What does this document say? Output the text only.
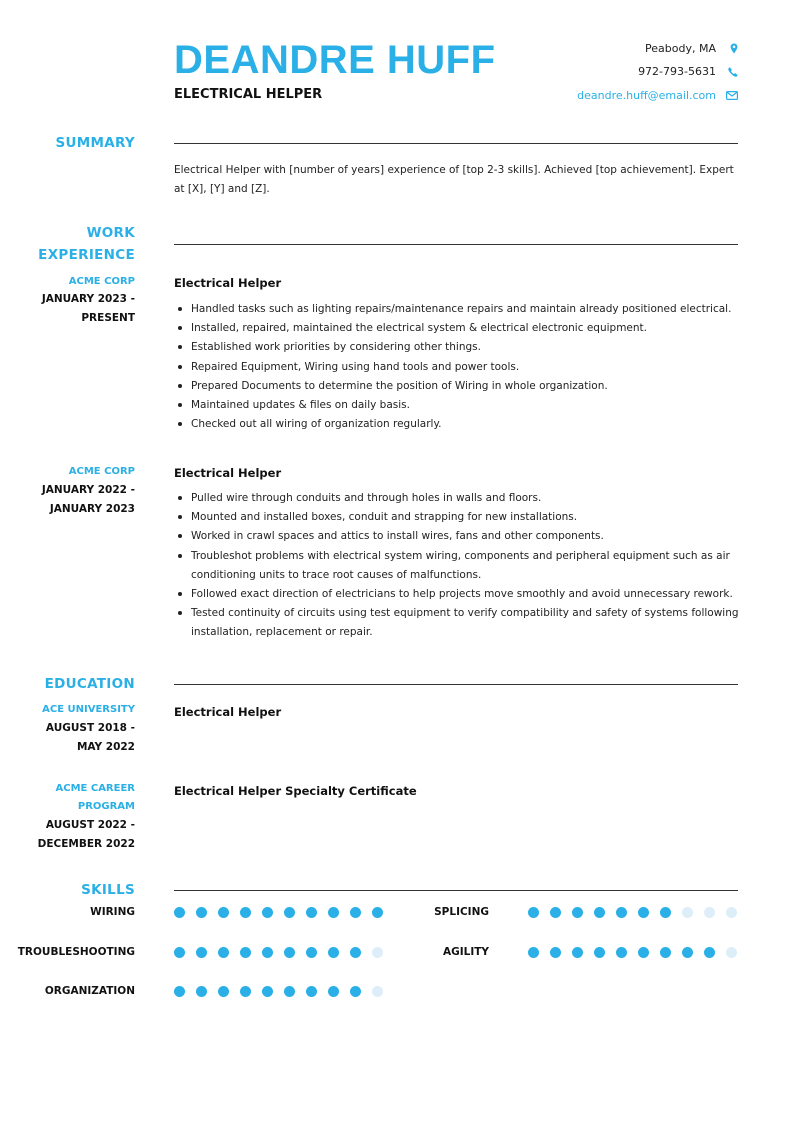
DEANDRE HUFF
ELECTRICAL HELPER
Peabody, MA
972-793-5631
deandre.huff@email.com
SUMMARY
Electrical Helper with [number of years] experience of [top 2-3 skills]. Achieved [top achievement]. Expert at [X], [Y] and [Z].
WORK
EXPERIENCE
ACME CORP
JANUARY 2023 -
PRESENT
Electrical Helper
Handled tasks such as lighting repairs/maintenance repairs and maintain already positioned electrical.
Installed, repaired, maintained the electrical system & electrical electronic equipment.
Established work priorities by considering other things.
Repaired Equipment, Wiring using hand tools and power tools.
Prepared Documents to determine the position of Wiring in whole organization.
Maintained updates & files on daily basis.
Checked out all wiring of organization regularly.
ACME CORP
JANUARY 2022 -
JANUARY 2023
Electrical Helper
Pulled wire through conduits and through holes in walls and floors.
Mounted and installed boxes, conduit and strapping for new installations.
Worked in crawl spaces and attics to install wires, fans and other components.
Troubleshot problems with electrical system wiring, components and peripheral equipment such as air conditioning units to trace root causes of malfunctions.
Followed exact direction of electricians to help projects move smoothly and avoid unnecessary rework.
Tested continuity of circuits using test equipment to verify compatibility and safety of systems following installation, replacement or repair.
EDUCATION
ACE UNIVERSITY
AUGUST 2018 -
MAY 2022
Electrical Helper
ACME CAREER
PROGRAM
AUGUST 2022 -
DECEMBER 2022
Electrical Helper Specialty Certificate
SKILLS
WIRING	SPLICING
TROUBLESHOOTING	AGILITY
ORGANIZATION
